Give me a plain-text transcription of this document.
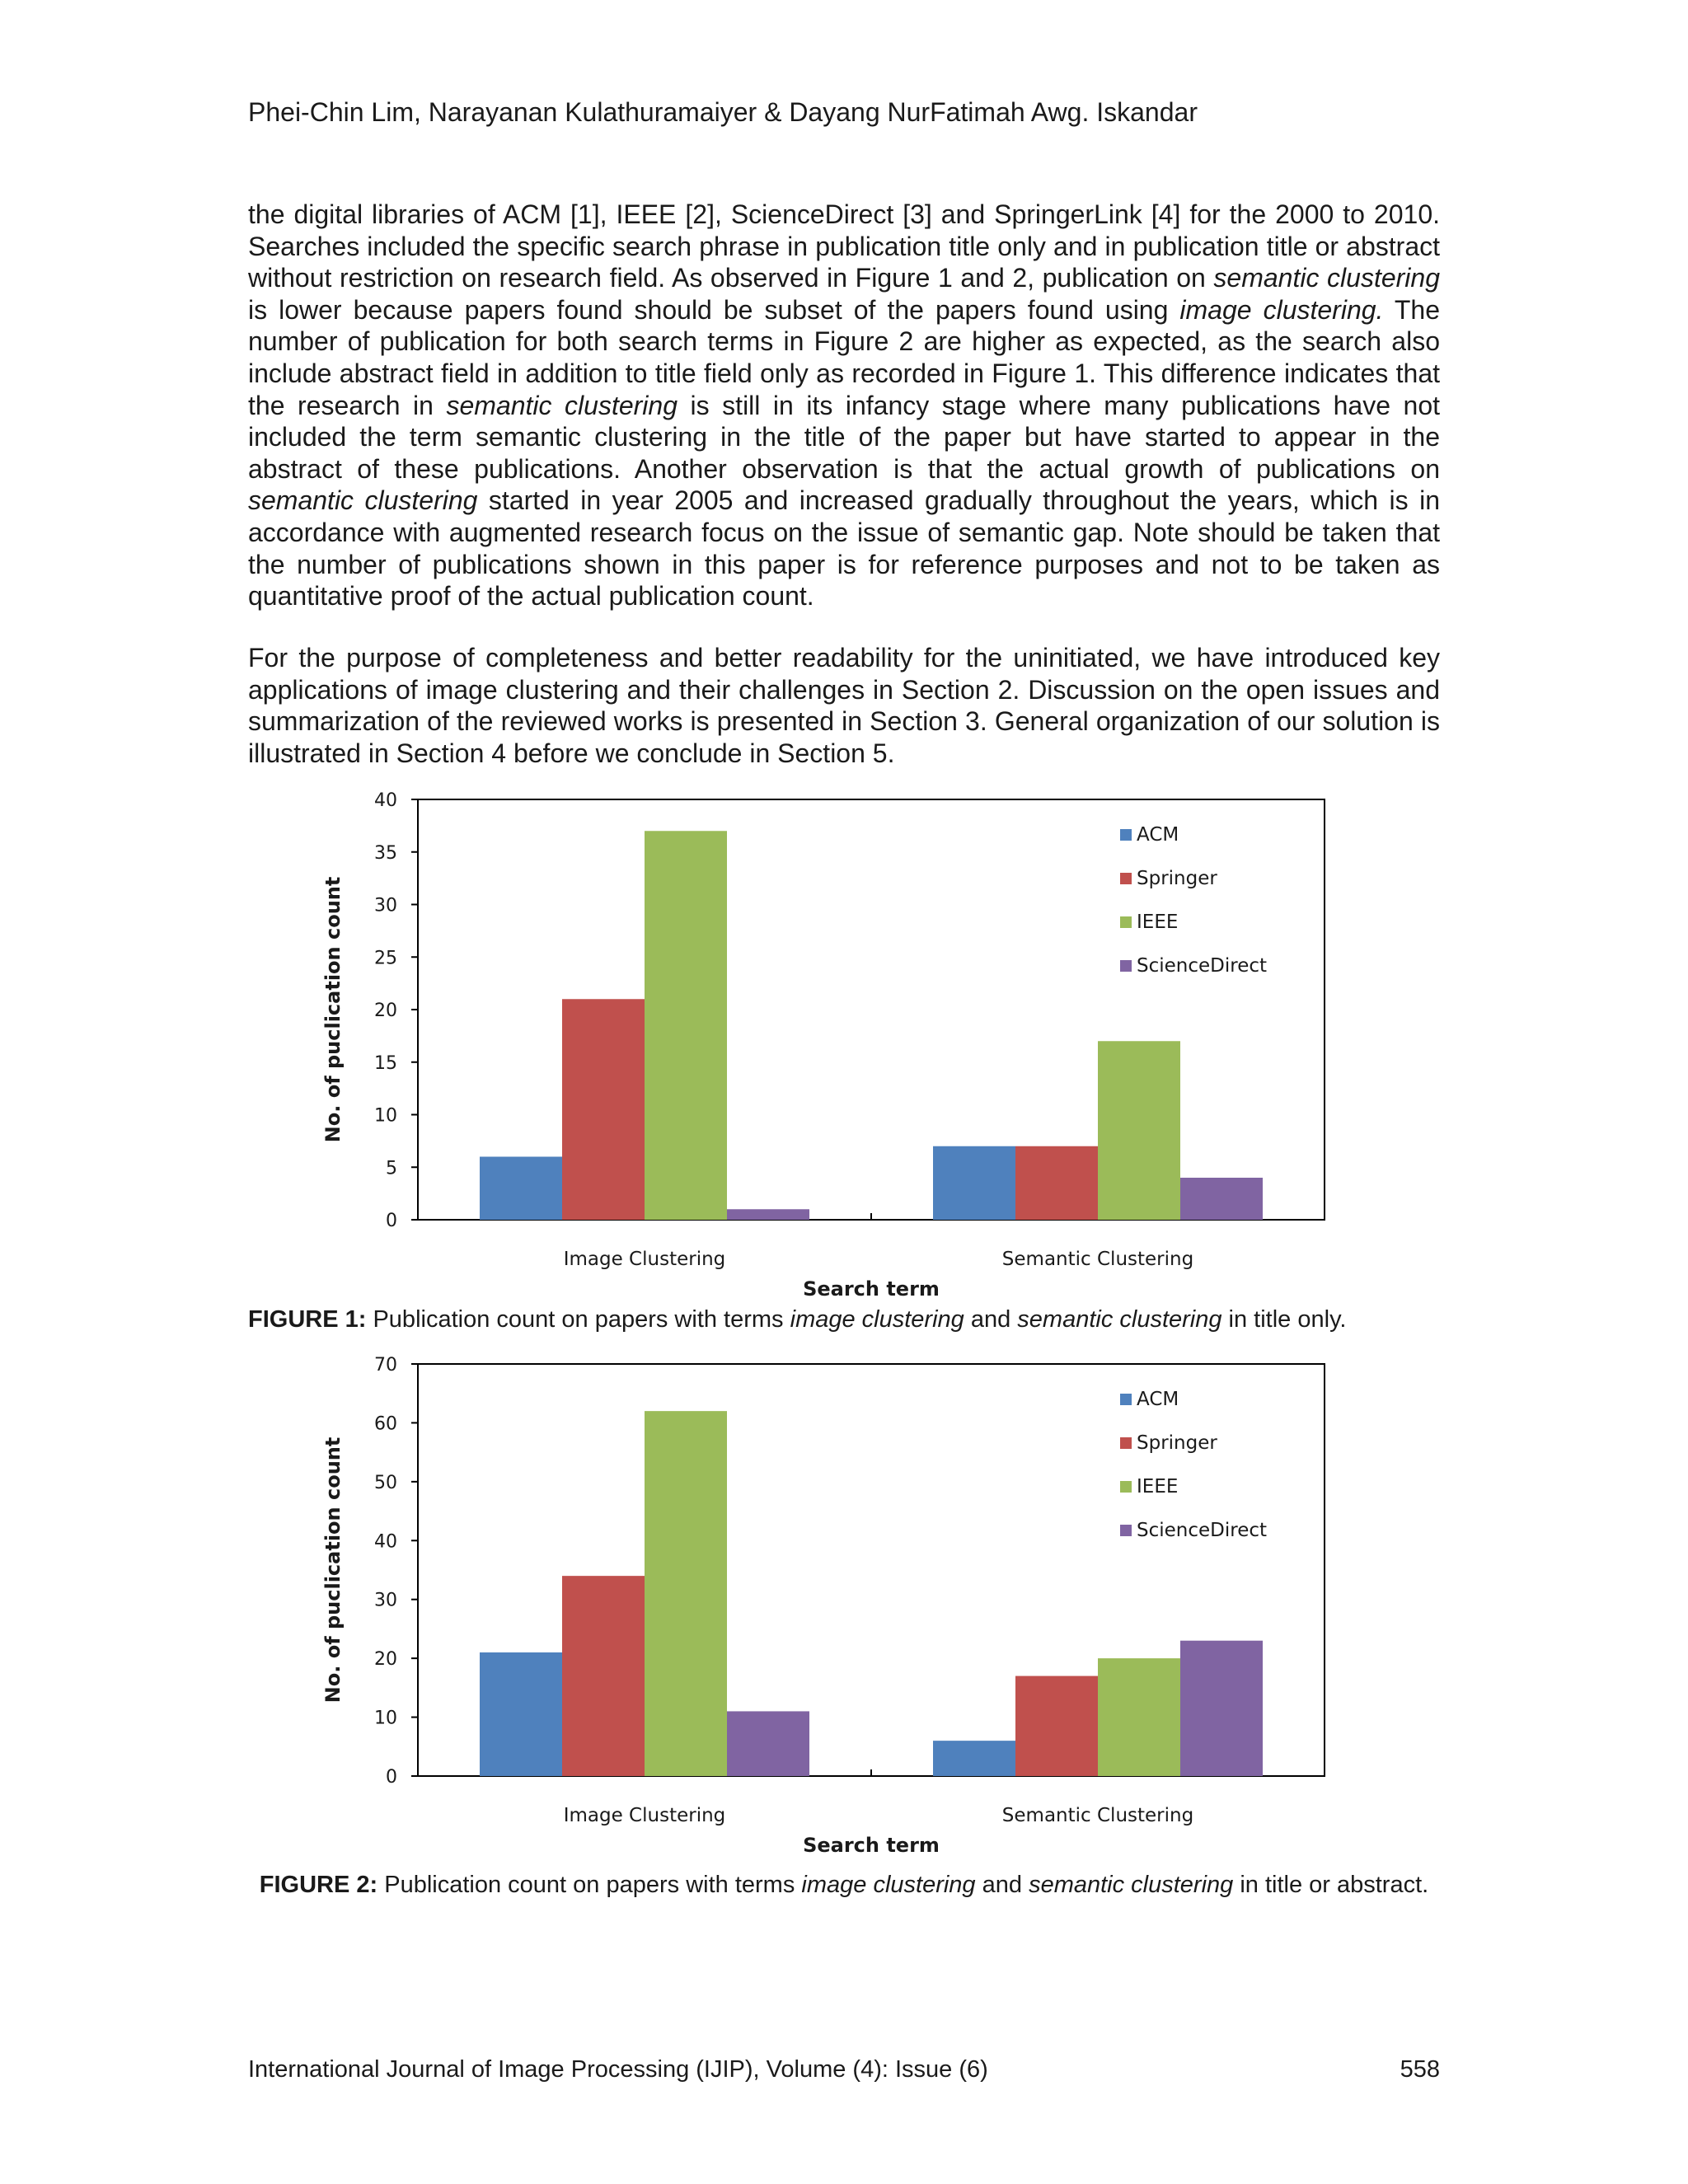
Phei-Chin Lim, Narayanan Kulathuramaiyer & Dayang NurFatimah Awg. Iskandar

the digital libraries of ACM [1], IEEE [2], ScienceDirect [3] and SpringerLink [4] for the 2000 to 2010. Searches included the specific search phrase in publication title only and in publication title or abstract without restriction on research field. As observed in Figure 1 and 2, publication on semantic clustering is lower because papers found should be subset of the papers found using image clustering. The number of publication for both search terms in Figure 2 are higher as expected, as the search also include abstract field in addition to title field only as recorded in Figure 1. This difference indicates that the research in semantic clustering is still in its infancy stage where many publications have not included the term semantic clustering in the title of the paper but have started to appear in the abstract of these publications. Another observation is that the actual growth of publications on semantic clustering started in year 2005 and increased gradually throughout the years, which is in accordance with augmented research focus on the issue of semantic gap. Note should be taken that the number of publications shown in this paper is for reference purposes and not to be taken as quantitative proof of the actual publication count.

For the purpose of completeness and better readability for the uninitiated, we have introduced key applications of image clustering and their challenges in Section 2. Discussion on the open issues and summarization of the reviewed works is presented in Section 3. General organization of our solution is illustrated in Section 4 before we conclude in Section 5.

0
5
10
15
20
25
30
35
40
No. of puclication count
Image Clustering	Semantic Clustering
Search term
ACM
Springer
IEEE
ScienceDirect
FIGURE 1: Publication count on papers with terms image clustering and semantic clustering in title only.
0
10
20
30
40
50
60
70
No. of puclication count
Image Clustering	Semantic Clustering
Search term
ACM
Springer
IEEE
ScienceDirect
FIGURE 2: Publication count on papers with terms image clustering and semantic clustering in title or abstract.
International Journal of Image Processing (IJIP), Volume (4): Issue (6)	558
